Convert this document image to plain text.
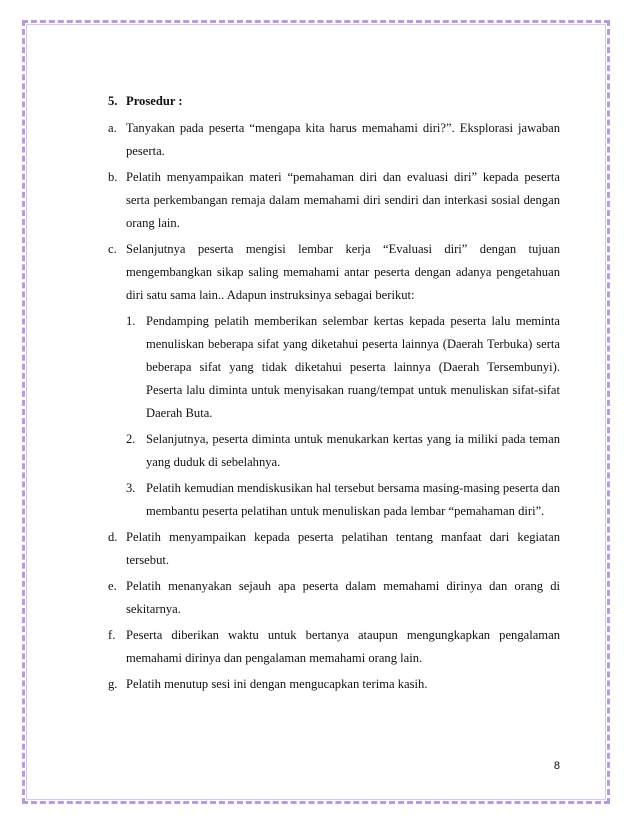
5. Prosedur :
a. Tanyakan pada peserta “mengapa kita harus memahami diri?”. Eksplorasi jawaban peserta.
b. Pelatih menyampaikan materi “pemahaman diri dan evaluasi diri” kepada peserta serta perkembangan remaja dalam memahami diri sendiri dan interkasi sosial dengan orang lain.
c. Selanjutnya peserta mengisi lembar kerja “Evaluasi diri” dengan tujuan mengembangkan sikap saling memahami antar peserta dengan adanya pengetahuan diri satu sama lain.. Adapun instruksinya sebagai berikut:
1. Pendamping pelatih memberikan selembar kertas kepada peserta lalu meminta menuliskan beberapa sifat yang diketahui peserta lainnya (Daerah Terbuka) serta beberapa sifat yang tidak diketahui peserta lainnya (Daerah Tersembunyi). Peserta lalu diminta untuk menyisakan ruang/tempat untuk menuliskan sifat-sifat Daerah Buta.
2. Selanjutnya, peserta diminta untuk menukarkan kertas yang ia miliki pada teman yang duduk di sebelahnya.
3. Pelatih kemudian mendiskusikan hal tersebut bersama masing-masing peserta dan membantu peserta pelatihan untuk menuliskan pada lembar “pemahaman diri”.
d. Pelatih menyampaikan kepada peserta pelatihan tentang manfaat dari kegiatan tersebut.
e. Pelatih menanyakan sejauh apa peserta dalam memahami dirinya dan orang di sekitarnya.
f. Peserta diberikan waktu untuk bertanya ataupun mengungkapkan pengalaman memahami dirinya dan pengalaman memahami orang lain.
g. Pelatih menutup sesi ini dengan mengucapkan terima kasih.
8
